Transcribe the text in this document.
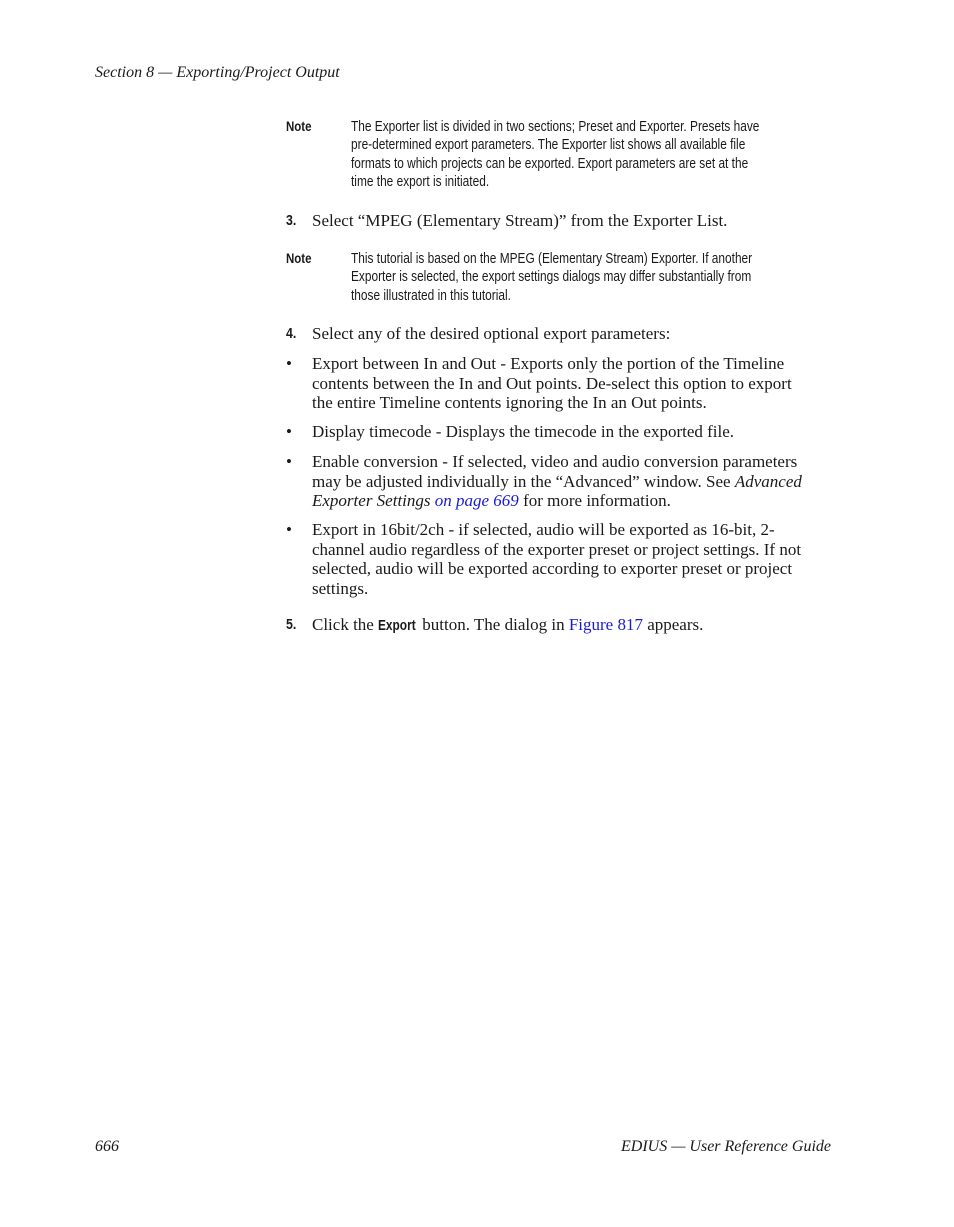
Section 8 — Exporting/Project Output
Note	The Exporter list is divided in two sections; Preset and Exporter. Presets have
pre-determined export parameters. The Exporter list shows all available file
formats to which projects can be exported. Export parameters are set at the
time the export is initiated.
3. Select “MPEG (Elementary Stream)” from the Exporter List.
Note	This tutorial is based on the MPEG (Elementary Stream) Exporter. If another
Exporter is selected, the export settings dialogs may differ substantially from
those illustrated in this tutorial.
4. Select any of the desired optional export parameters:
• Export between In and Out - Exports only the portion of the Timeline
contents between the In and Out points. De-select this option to export
the entire Timeline contents ignoring the In an Out points.
• Display timecode - Displays the timecode in the exported file.
• Enable conversion - If selected, video and audio conversion parameters
may be adjusted individually in the “Advanced” window. See Advanced
Exporter Settings on page 669 for more information.
• Export in 16bit/2ch - if selected, audio will be exported as 16-bit, 2-
channel audio regardless of the exporter preset or project settings. If not
selected, audio will be exported according to exporter preset or project
settings.
5. Click the Export button. The dialog in Figure 817 appears.
666	EDIUS — User Reference Guide
